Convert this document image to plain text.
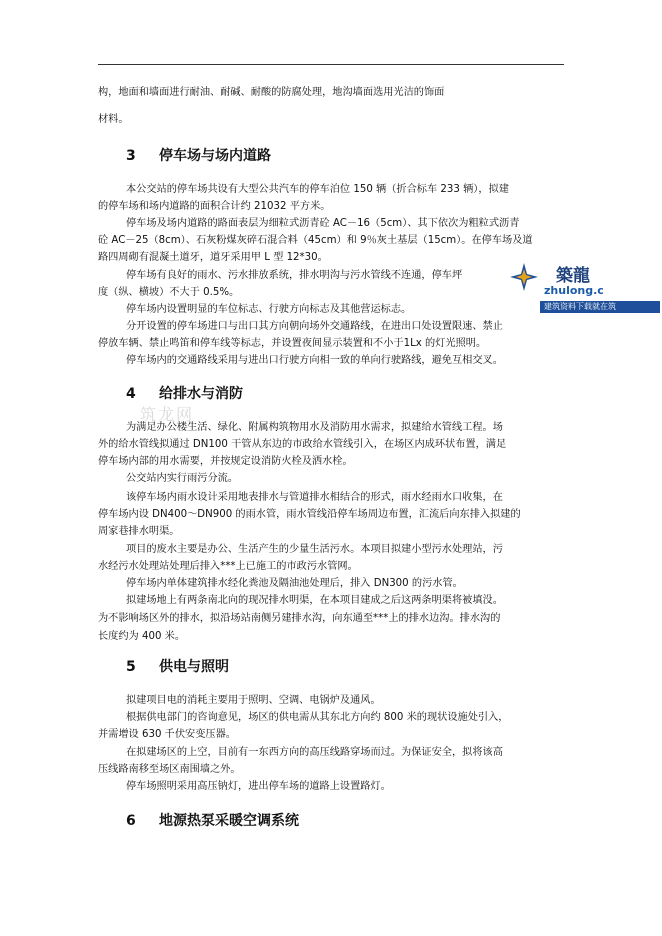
构，地面和墙面进行耐油、耐碱、耐酸的防腐处理，地沟墙面选用光洁的饰面
材料。
3 停车场与场内道路
本公交站的停车场共设有大型公共汽车的停车泊位 150 辆（折合标车 233 辆），拟建
的停车场和场内道路的面积合计约 21032 平方米。
停车场及场内道路的路面表层为细粒式沥青砼 AC－16（5cm）、其下依次为粗粒式沥青
砼 AC－25（8cm）、石灰粉煤灰碎石混合料（45cm）和 9％灰土基层（15cm）。在停车场及道
路四周砌有混凝土道牙，道牙采用甲 L 型 12*30。
停车场有良好的雨水、污水排放系统，排水明沟与污水管线不连通，停车坪
度（纵、横坡）不大于 0.5%。
停车场内设置明显的车位标志、行驶方向标志及其他营运标志。
分开设置的停车场进口与出口其方向朝向场外交通路线，在进出口处设置限速、禁止
停放车辆、禁止鸣笛和停车线等标志，并设置夜间显示装置和不小于1Lx 的灯光照明。
停车场内的交通路线采用与进出口行驶方向相一致的单向行驶路线，避免互相交叉。
4 给排水与消防
筑龙网
为满足办公楼生活、绿化、附属构筑物用水及消防用水需求，拟建给水管线工程。场
外的给水管线拟通过 DN100 干管从东边的市政给水管线引入，在场区内成环状布置，满足
停车场内部的用水需要，并按规定设消防火栓及洒水栓。
公交站内实行雨污分流。
该停车场内雨水设计采用地表排水与管道排水相结合的形式，雨水经雨水口收集，在
停车场内设 DN400～DN900 的雨水管，雨水管线沿停车场周边布置，汇流后向东排入拟建的
周家巷排水明渠。
项目的废水主要是办公、生活产生的少量生活污水。本项目拟建小型污水处理站，污
水经污水处理站处理后排入***上已施工的市政污水管网。
停车场内单体建筑排水经化粪池及隔油池处理后，排入 DN300 的污水管。
拟建场地上有两条南北向的现况排水明渠，在本项目建成之后这两条明渠将被填没。
为不影响场区外的排水，拟沿场站南侧另建排水沟，向东通至***上的排水边沟。排水沟的
长度约为 400 米。
5 供电与照明
拟建项目电的消耗主要用于照明、空调、电锅炉及通风。
根据供电部门的咨询意见，场区的供电需从其东北方向约 800 米的现状设施处引入，
并需增设 630 千伏安变压器。
在拟建场区的上空，目前有一东西方向的高压线路穿场而过。为保证安全，拟将该高
压线路南移至场区南围墙之外。
停车场照明采用高压钠灯，进出停车场的道路上设置路灯。
6 地源热泵采暖空调系统
築龍
zhulong.c
建筑资料下载就在筑
